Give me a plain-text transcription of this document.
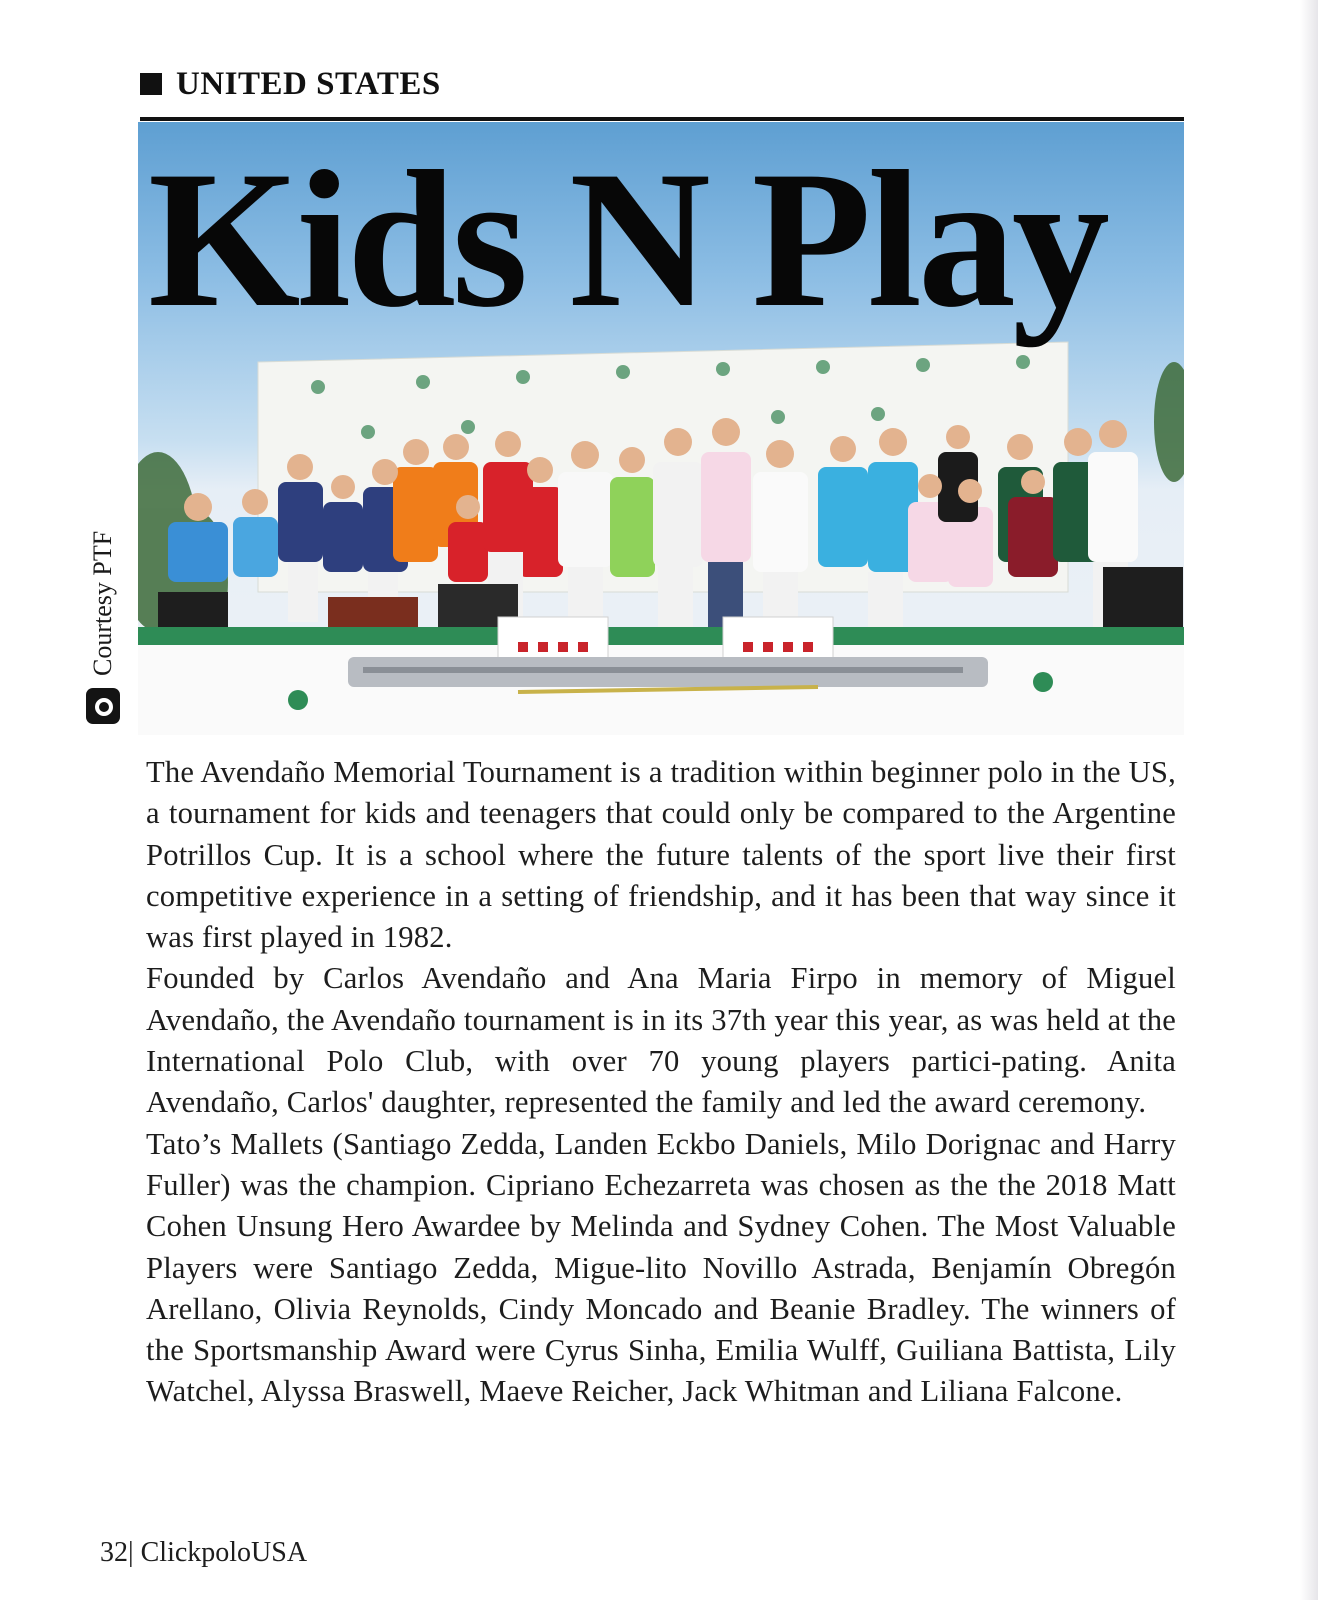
UNITED STATES
Kids N Play
Courtesy PTF

The Avendaño Memorial Tournament is a tradition within beginner polo in the US, a tournament for kids and teenagers that could only be compared to the Argentine Potrillos Cup. It is a school where the future talents of the sport live their first competitive experience in a setting of friendship, and it has been that way since it was first played in 1982.

Founded by Carlos Avendaño and Ana Maria Firpo in memory of Miguel Avendaño, the Avendaño tournament is in its 37th year this year, as was held at the International Polo Club, with over 70 young players partici-pating. Anita Avendaño, Carlos' daughter, represented the family and led the award ceremony.

Tato’s Mallets (Santiago Zedda, Landen Eckbo Daniels, Milo Dorignac and Harry Fuller) was the champion. Cipriano Echezarreta was chosen as the the 2018 Matt Cohen Unsung Hero Awardee by Melinda and Sydney Cohen. The Most Valuable Players were Santiago Zedda, Migue-lito Novillo Astrada, Benjamín Obregón Arellano, Olivia Reynolds, Cindy Moncado and Beanie Bradley. The winners of the Sportsmanship Award were Cyrus Sinha, Emilia Wulff, Guiliana Battista, Lily Watchel, Alyssa Braswell, Maeve Reicher, Jack Whitman and Liliana Falcone.

32| ClickpoloUSA
